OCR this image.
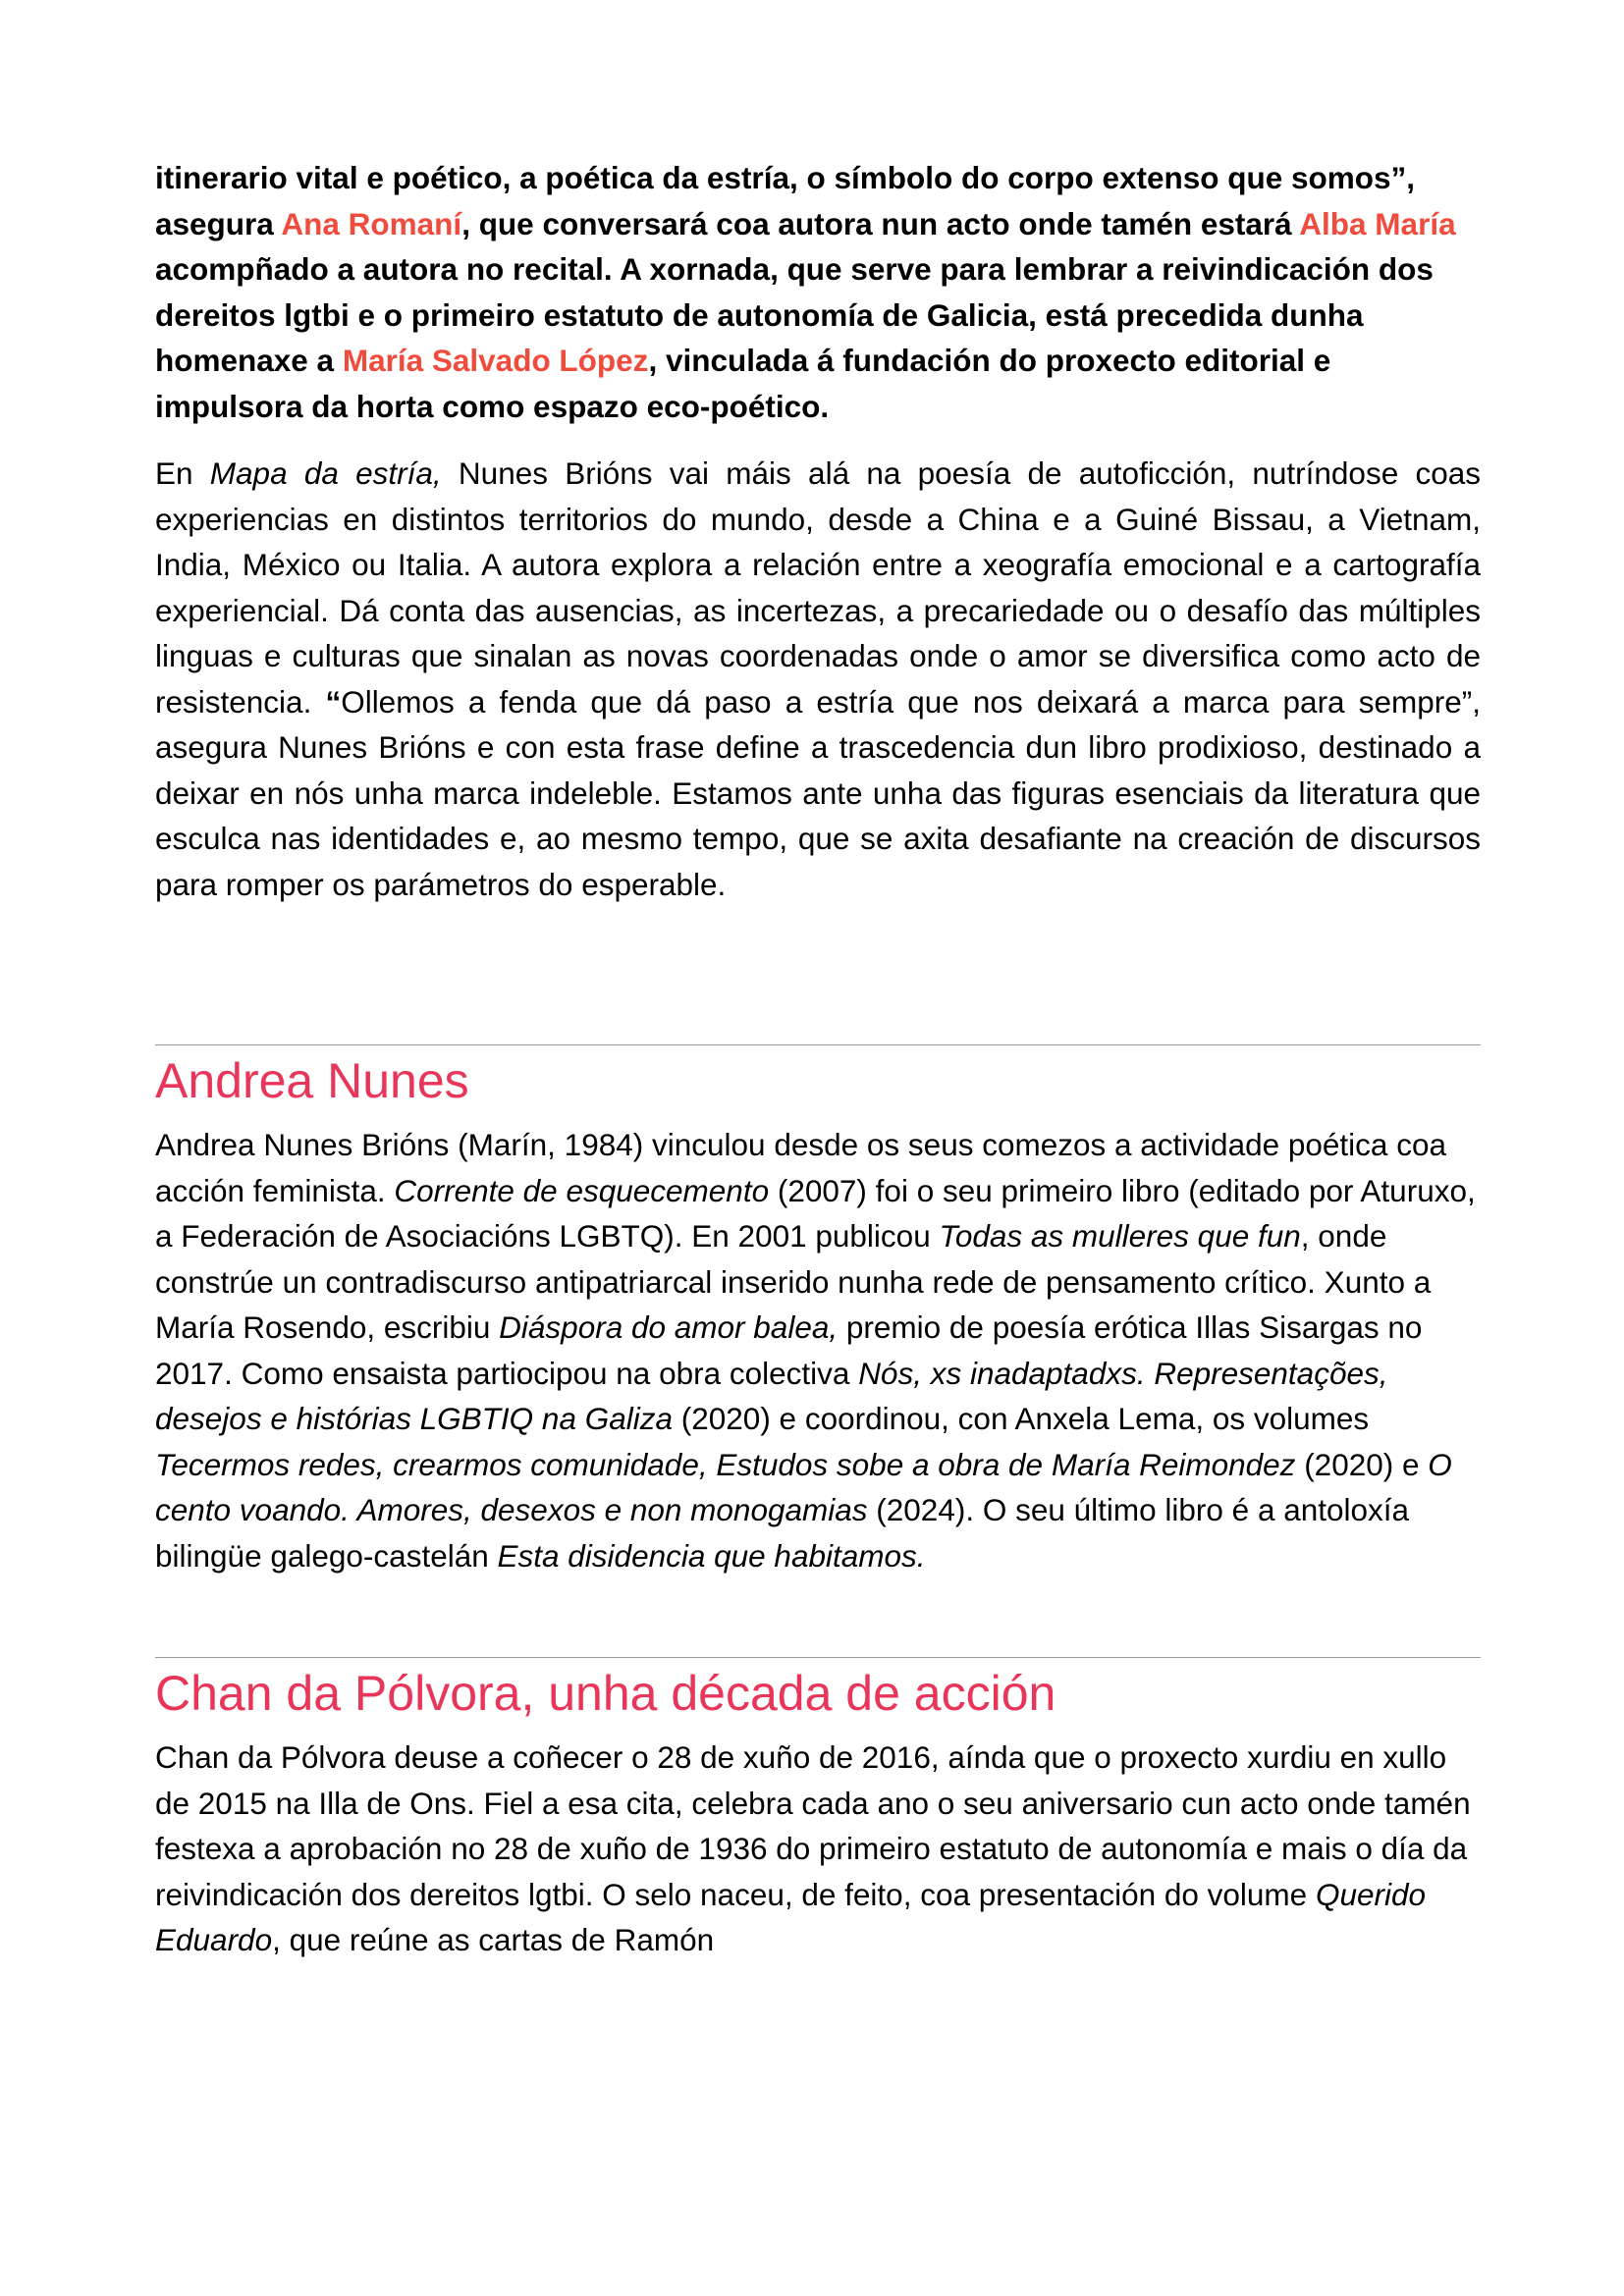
itinerario vital e poético, a poética da estría, o símbolo do corpo extenso que somos”, asegura Ana Romaní, que conversará coa autora nun acto onde tamén estará Alba María acompñado a autora no recital. A xornada, que serve para lembrar a reivindicación dos dereitos lgtbi e o primeiro estatuto de autonomía de Galicia, está precedida dunha homenaxe a María Salvado López, vinculada á fundación do proxecto editorial e impulsora da horta como espazo eco-poético.

En Mapa da estría, Nunes Brións vai máis alá na poesía de autoficción, nutríndose coas experiencias en distintos territorios do mundo, desde a China e a Guiné Bissau, a Vietnam, India, México ou Italia. A autora explora a relación entre a xeografía emocional e a cartografía experiencial. Dá conta das ausencias, as incertezas, a precariedade ou o desafío das múltiples linguas e culturas que sinalan as novas coordenadas onde o amor se diversifica como acto de resistencia. “Ollemos a fenda que dá paso a estría que nos deixará a marca para sempre”, asegura Nunes Brións e con esta frase define a trascedencia dun libro prodixioso, destinado a deixar en nós unha marca indeleble. Estamos ante unha das figuras esenciais da literatura que esculca nas identidades e, ao mesmo tempo, que se axita desafiante na creación de discursos para romper os parámetros do esperable.

Andrea Nunes

Andrea Nunes Brións (Marín, 1984) vinculou desde os seus comezos a actividade poética coa acción feminista. Corrente de esquecemento (2007) foi o seu primeiro libro (editado por Aturuxo, a Federación de Asociacións LGBTQ). En 2001 publicou Todas as mulleres que fun, onde constrúe un contradiscurso antipatriarcal inserido nunha rede de pensamento crítico. Xunto a María Rosendo, escribiu Diáspora do amor balea, premio de poesía erótica Illas Sisargas no 2017. Como ensaista partiocipou na obra colectiva Nós, xs inadaptadxs. Representações, desejos e histórias LGBTIQ na Galiza (2020) e coordinou, con Anxela Lema, os volumes Tecermos redes, crearmos comunidade, Estudos sobe a obra de María Reimondez (2020) e O cento voando. Amores, desexos e non monogamias (2024). O seu último libro é a antoloxía bilingüe galego-castelán Esta disidencia que habitamos.

Chan da Pólvora, unha década de acción

Chan da Pólvora deuse a coñecer o 28 de xuño de 2016, aínda que o proxecto xurdiu en xullo de 2015 na Illa de Ons. Fiel a esa cita, celebra cada ano o seu aniversario cun acto onde tamén festexa a aprobación no 28 de xuño de 1936 do primeiro estatuto de autonomía e mais o día da reivindicación dos dereitos lgtbi. O selo naceu, de feito, coa presentación do volume Querido Eduardo, que reúne as cartas de Ramón
